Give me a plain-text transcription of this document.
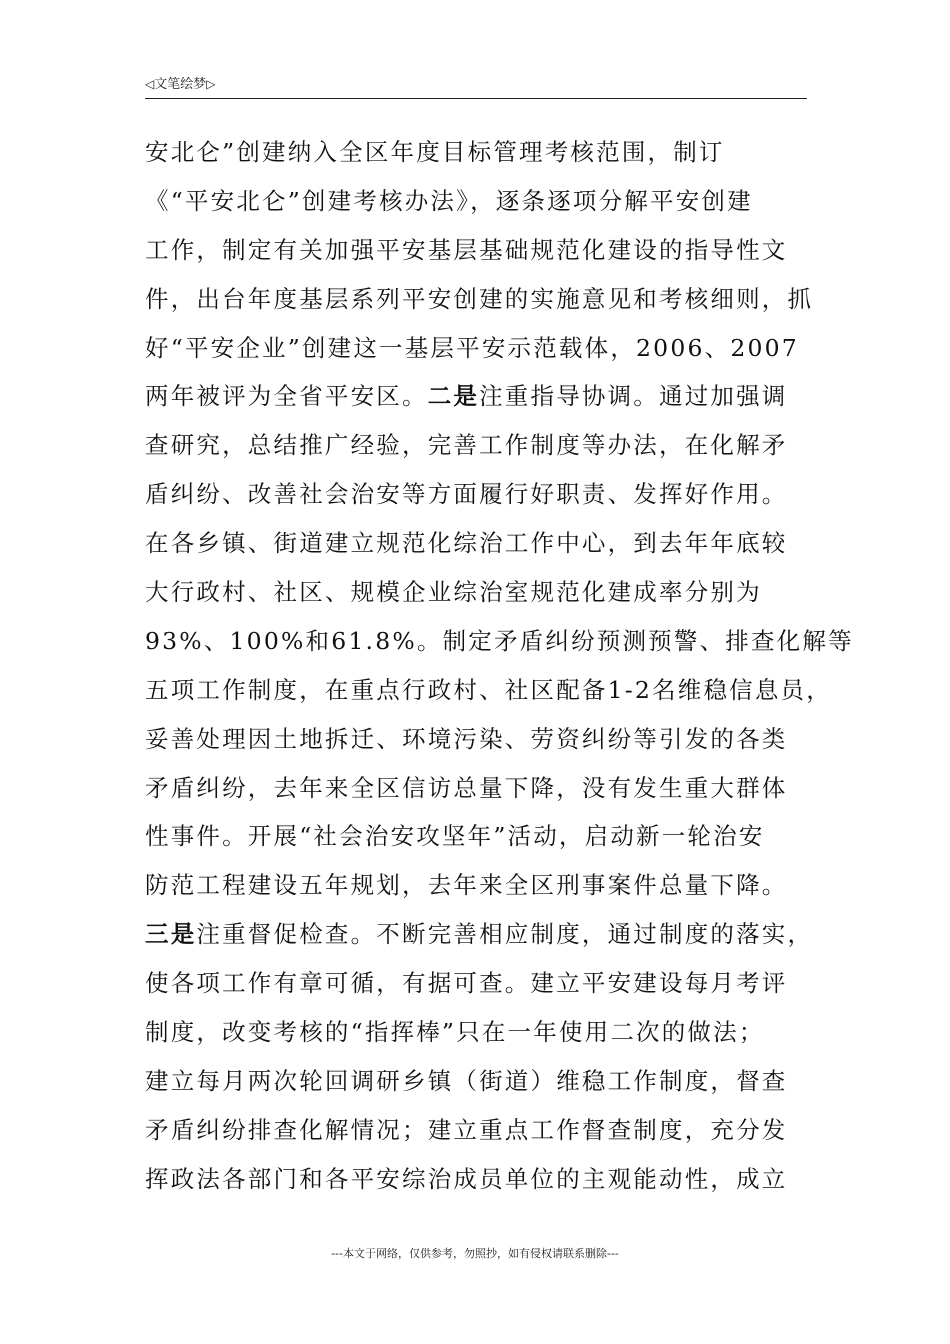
◁文笔绘梦▷
安北仑”创建纳入全区年度目标管理考核范围，制订
《“平安北仑”创建考核办法》，逐条逐项分解平安创建
工作，制定有关加强平安基层基础规范化建设的指导性文
件，出台年度基层系列平安创建的实施意见和考核细则，抓
好“平安企业”创建这一基层平安示范载体，2006、2007
两年被评为全省平安区。二是注重指导协调。通过加强调
查研究，总结推广经验，完善工作制度等办法，在化解矛
盾纠纷、改善社会治安等方面履行好职责、发挥好作用。
在各乡镇、街道建立规范化综治工作中心，到去年年底较
大行政村、社区、规模企业综治室规范化建成率分别为
93%、100%和61.8%。制定矛盾纠纷预测预警、排查化解等
五项工作制度，在重点行政村、社区配备1-2名维稳信息员，
妥善处理因土地拆迁、环境污染、劳资纠纷等引发的各类
矛盾纠纷，去年来全区信访总量下降，没有发生重大群体
性事件。开展“社会治安攻坚年”活动，启动新一轮治安
防范工程建设五年规划，去年来全区刑事案件总量下降。
三是注重督促检查。不断完善相应制度，通过制度的落实，
使各项工作有章可循，有据可查。建立平安建设每月考评
制度，改变考核的“指挥棒”只在一年使用二次的做法；
建立每月两次轮回调研乡镇（街道）维稳工作制度，督查
矛盾纠纷排查化解情况；建立重点工作督查制度，充分发
挥政法各部门和各平安综治成员单位的主观能动性，成立
---本文于网络，仅供参考，勿照抄，如有侵权请联系删除---
